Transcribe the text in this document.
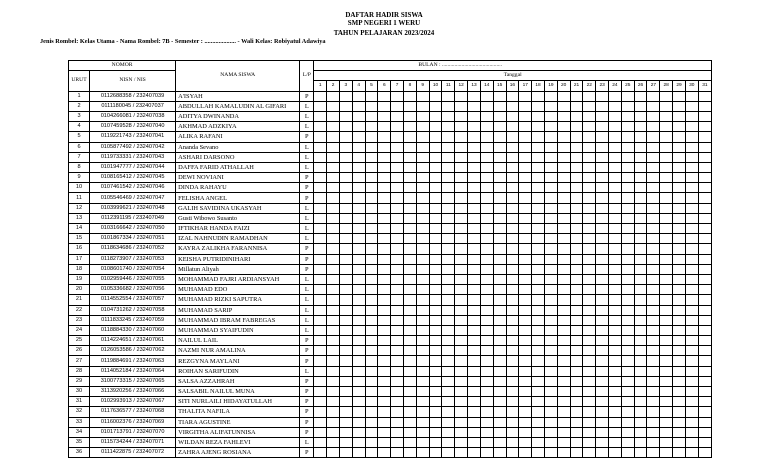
DAFTAR HADIR SISWA
SMP NEGERI 1 WERU
TAHUN PELAJARAN 2023/2024
Jenis Rombel: Kelas Utama - Nama Rombel: 7B - Semester : .................... - Wali Kelas: Robiyatul Adawiya
NOMOR		NAMA SISWA	L/P	BULAN : ...........................................																														
URUT	NISN / NIS			Tanggal																														
				1	2	3	4	5	6	7	8	9	10	11	12	13	14	15	16	17	18	19	20	21	22	23	24	25	26	27	28	29	30	31
1	0112688358 / 232407039	A'ISYAH	P																															
2	0111180045 / 232407037	ABDULLAH KAMALUDIN AL GIFARI	L																															
3	0104266081 / 232407038	ADITYA DWINANDA	L																															
4	0107459528 / 232407040	AKHMAD ADZKIYA	L																															
5	0119221743 / 232407041	ALIKA RAFANI	P																															
6	0105877492 / 232407042	Ananda Sevano	L																															
7	0119733331 / 232407043	ASHARI DARSONO	L																															
8	0101947777 / 232407044	DAFFA FARID ATHALLAH	L																															
9	0108165412 / 232407045	DEWI NOVIANI	P																															
10	0107461542 / 232407046	DINDA RAHAYU	P																															
11	0105546469 / 232407047	FELISHA ANGEL	P																															
12	0103999621 / 232407048	GALIH SAVIDINA UKASYAH	L																															
13	0112391195 / 232407049	Gusti Wibowo Susanto	L																															
14	0103166642 / 232407050	IFTIKHAR HANDA FAIZI	L																															
15	0101867334 / 232407051	IZAL NAHNUDIN RAMADHAN	L																															
16	0118634686 / 232407052	KAYRA ZALIKHA FARANNISA	P																															
17	0118273907 / 232407053	KEISHA PUTRIDINIHARI	P																															
18	0108601740 / 232407054	Millatun Aliyah	P																															
19	0102959446 / 232407055	MOHAMMAD FAJRI ARDIANSYAH	L																															
20	0105336682 / 232407056	MUHAMAD EDO	L																															
21	0114552554 / 232407057	MUHAMAD RIZKI SAPUTRA	L																															
22	0104731262 / 232407058	MUHAMAD SARIP	L																															
23	0111833245 / 232407059	MUHAMMAD IBRAM FABREGAS	L																															
24	0118884330 / 232407060	MUHAMMAD SYAIFUDIN	L																															
25	0114224651 / 232407061	NAILUL LAIL	P																															
26	0126053586 / 232407062	NAZMI NUR AMALINA	P																															
27	0119884691 / 232407063	REZGYNA MAYLANI	P																															
28	0114052184 / 232407064	ROIHAN SARIFUDIN	L																															
29	3100773315 / 232407065	SALSA AZZAHRAH	P																															
30	3113920256 / 232407066	SALSABIL NAILUL MUNA	P																															
31	0102993913 / 232407067	SITI NURLAILI HIDAYATULLAH	P																															
32	0117636577 / 232407068	THALITA NAFILA	P																															
33	0116002376 / 232407069	TIARA AGUSTINE	P																															
34	0101713791 / 232407070	VIRGITHA ALIFATUNNISA	P																															
35	0115734244 / 232407071	WILDAN REZA FAHLEVI	L																															
36	0111422875 / 232407072	ZAHRA AJENG ROSIANA	P																															
